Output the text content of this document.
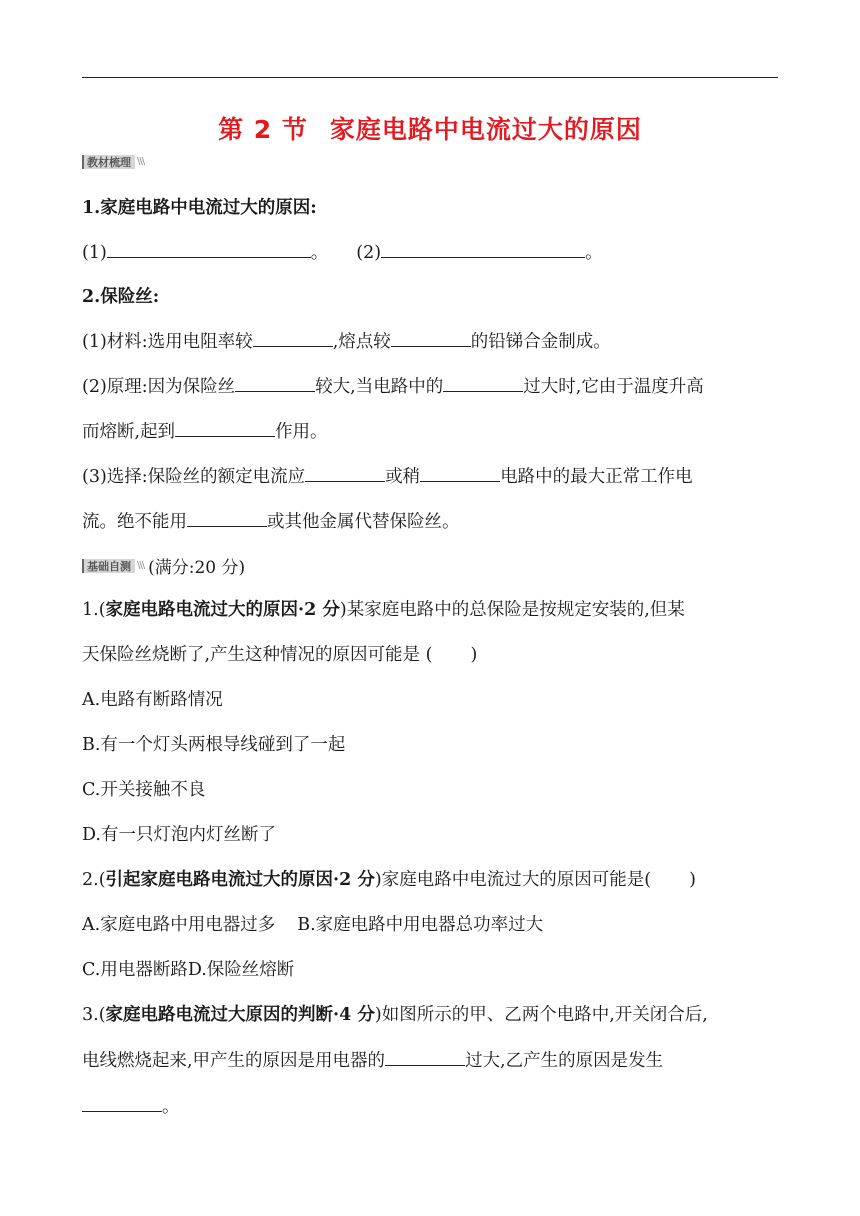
第 2 节 家庭电路中电流过大的原因
教材梳理 \\\
1.家庭电路中电流过大的原因:
(1)	。 (2)	。
2.保险丝:
(1)材料:选用电阻率较	,熔点较	的铅锑合金制成。
(2)原理:因为保险丝	较大,当电路中的	过大时,它由于温度升高
而熔断,起到	作用。
(3)选择:保险丝的额定电流应	或稍	电路中的最大正常工作电
流。绝不能用	或其他金属代替保险丝。
基础自测 \\\ (满分:20 分)
1.(家庭电路电流过大的原因·2 分)某家庭电路中的总保险是按规定安装的,但某
天保险丝烧断了,产生这种情况的原因可能是 ( )
A.电路有断路情况
B.有一个灯头两根导线碰到了一起
C.开关接触不良
D.有一只灯泡内灯丝断了
2.(引起家庭电路电流过大的原因·2 分)家庭电路中电流过大的原因可能是( )
A.家庭电路中用电器过多 B.家庭电路中用电器总功率过大
C.用电器断路D.保险丝熔断
3.(家庭电路电流过大原因的判断·4 分)如图所示的甲、乙两个电路中,开关闭合后,
电线燃烧起来,甲产生的原因是用电器的	过大,乙产生的原因是发生
。
